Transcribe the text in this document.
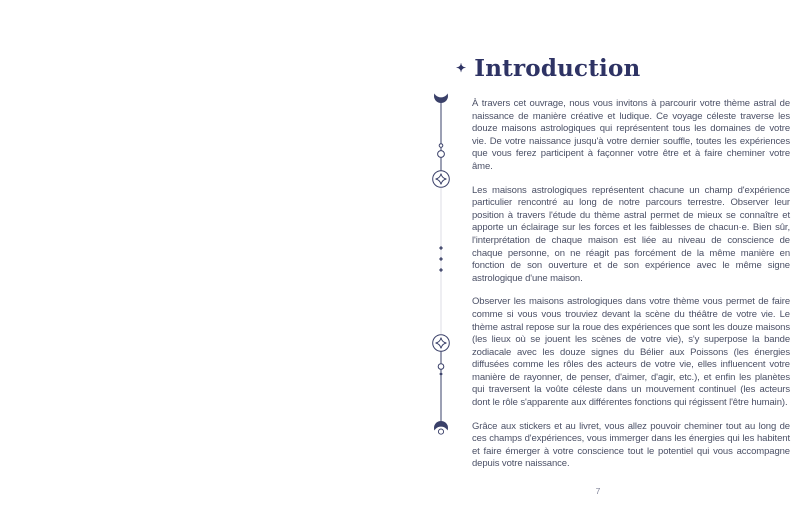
✦ Introduction

À travers cet ouvrage, nous vous invitons à parcourir votre thème astral de naissance de manière créative et ludique. Ce voyage céleste traverse les douze maisons astrologiques qui représentent tous les domaines de votre vie. De votre naissance jusqu'à votre dernier souffle, toutes les expériences que vous ferez participent à façonner votre être et à faire cheminer votre âme.

Les maisons astrologiques représentent chacune un champ d'expérience particulier rencontré au long de notre parcours terrestre. Observer leur position à travers l'étude du thème astral permet de mieux se connaître et apporte un éclairage sur les forces et les faiblesses de chacun·e. Bien sûr, l'interprétation de chaque maison est liée au niveau de conscience de chaque personne, on ne réagit pas forcément de la même manière en fonction de son ouverture et de son expérience avec le même signe astrologique d'une maison.

Observer les maisons astrologiques dans votre thème vous permet de faire comme si vous vous trouviez devant la scène du théâtre de votre vie. Le thème astral repose sur la roue des expériences que sont les douze maisons (les lieux où se jouent les scènes de votre vie), s'y superpose la bande zodiacale avec les douze signes du Bélier aux Poissons (les énergies diffusées comme les rôles des acteurs de votre vie, elles influencent votre manière de rayonner, de penser, d'aimer, d'agir, etc.), et enfin les planètes qui traversent la voûte céleste dans un mouvement continuel (les acteurs dont le rôle s'apparente aux différentes fonctions qui régissent l'être humain).

Grâce aux stickers et au livret, vous allez pouvoir cheminer tout au long de ces champs d'expériences, vous immerger dans les énergies qui les habitent et faire émerger à votre conscience tout le potentiel qui vous accompagne depuis votre naissance.

7
